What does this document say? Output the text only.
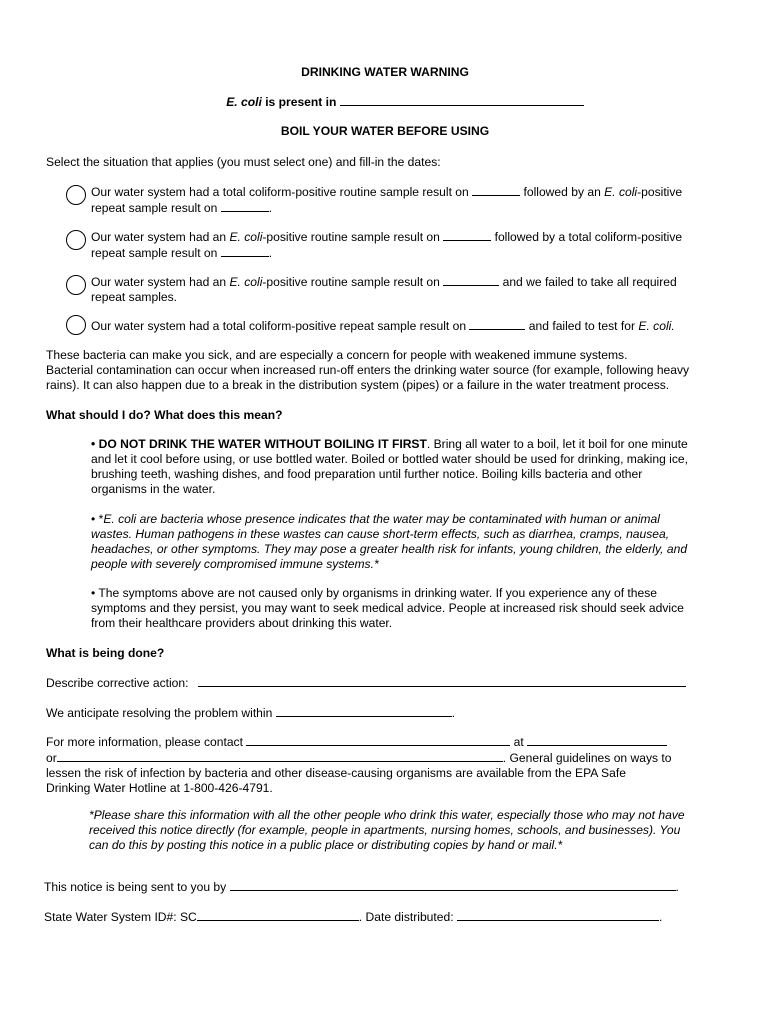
DRINKING WATER WARNING
E. coli is present in
BOIL YOUR WATER BEFORE USING
Select the situation that applies (you must select one) and fill-in the dates:

Our water system had a total coliform-positive routine sample result on	followed by an E. coli-positive

repeat sample result on	.

Our water system had an E. coli-positive routine sample result on	followed by a total coliform-positive

repeat sample result on	.

Our water system had an E. coli-positive routine sample result on	and we failed to take all required

repeat samples.

Our water system had a total coliform-positive repeat sample result on	and failed to test for E. coli.

These bacteria can make you sick, and are especially a concern for people with weakened immune systems.

Bacterial contamination can occur when increased run-off enters the drinking water source (for example, following heavy

rains). It can also happen due to a break in the distribution system (pipes) or a failure in the water treatment process.

What should I do? What does this mean?

• DO NOT DRINK THE WATER WITHOUT BOILING IT FIRST. Bring all water to a boil, let it boil for one minute

and let it cool before using, or use bottled water. Boiled or bottled water should be used for drinking, making ice,

brushing teeth, washing dishes, and food preparation until further notice. Boiling kills bacteria and other

organisms in the water.

• *E. coli are bacteria whose presence indicates that the water may be contaminated with human or animal

wastes. Human pathogens in these wastes can cause short-term effects, such as diarrhea, cramps, nausea,

headaches, or other symptoms. They may pose a greater health risk for infants, young children, the elderly, and

people with severely compromised immune systems.*

• The symptoms above are not caused only by organisms in drinking water. If you experience any of these

symptoms and they persist, you may want to seek medical advice. People at increased risk should seek advice

from their healthcare providers about drinking this water.

What is being done?
Describe corrective action:
We anticipate resolving the problem within	.

For more information, please contact	at

or	. General guidelines on ways to

lessen the risk of infection by bacteria and other disease-causing organisms are available from the EPA Safe

Drinking Water Hotline at 1-800-426-4791.

*Please share this information with all the other people who drink this water, especially those who may not have

received this notice directly (for example, people in apartments, nursing homes, schools, and businesses). You

can do this by posting this notice in a public place or distributing copies by hand or mail.*

This notice is being sent to you by	.
State Water System ID#: SC	. Date distributed:	.
